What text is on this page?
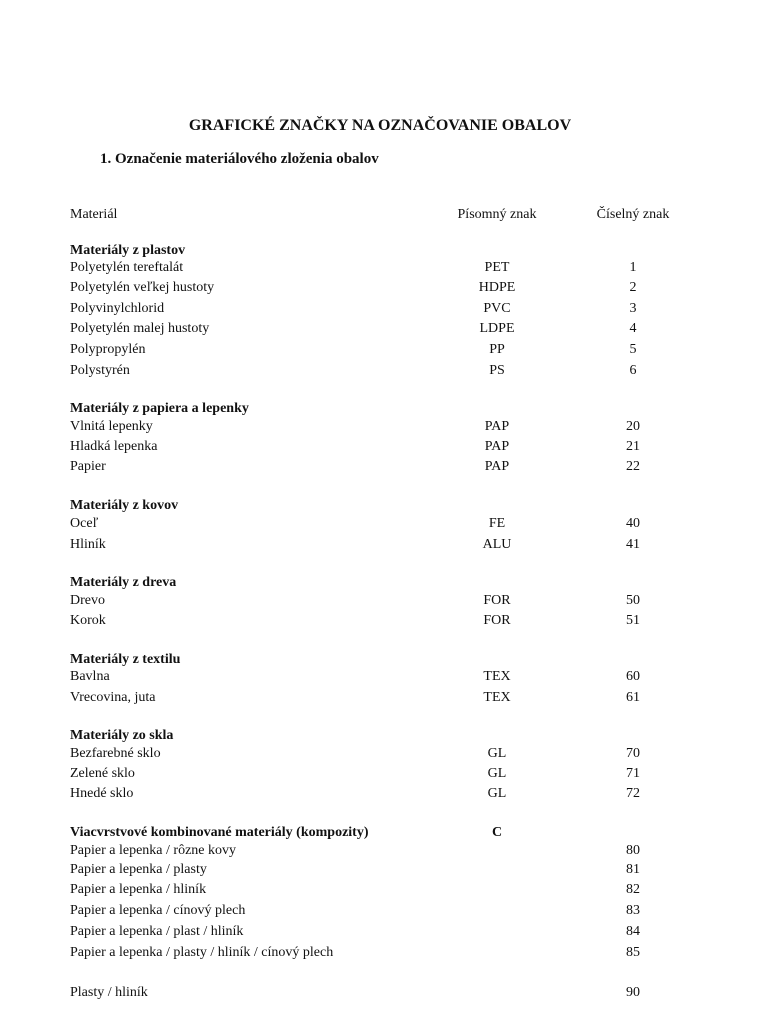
GRAFICKÉ ZNAČKY NA OZNAČOVANIE OBALOV
1. Označenie materiálového zloženia obalov
Materiál	Písomný znak	Číselný znak
Materiály z plastov
Polyetylén tereftalát	PET	1
Polyetylén veľkej hustoty	HDPE	2
Polyvinylchlorid	PVC	3
Polyetylén malej hustoty	LDPE	4
Polypropylén	PP	5
Polystyrén	PS	6
Materiály z papiera a lepenky
Vlnitá lepenky	PAP	20
Hladká lepenka	PAP	21
Papier	PAP	22
Materiály z kovov
Oceľ	FE	40
Hliník	ALU	41
Materiály z dreva
Drevo	FOR	50
Korok	FOR	51
Materiály z textilu
Bavlna	TEX	60
Vrecovina, juta	TEX	61
Materiály zo skla
Bezfarebné sklo	GL	70
Zelené sklo	GL	71
Hnedé sklo	GL	72
Viacvrstvové kombinované materiály (kompozity)	C
Papier a lepenka / rôzne kovy	80
Papier a lepenka / plasty	81
Papier a lepenka / hliník	82
Papier a lepenka / cínový plech	83
Papier a lepenka / plast / hliník	84
Papier a lepenka / plasty / hliník / cínový plech	85
Plasty / hliník	90
